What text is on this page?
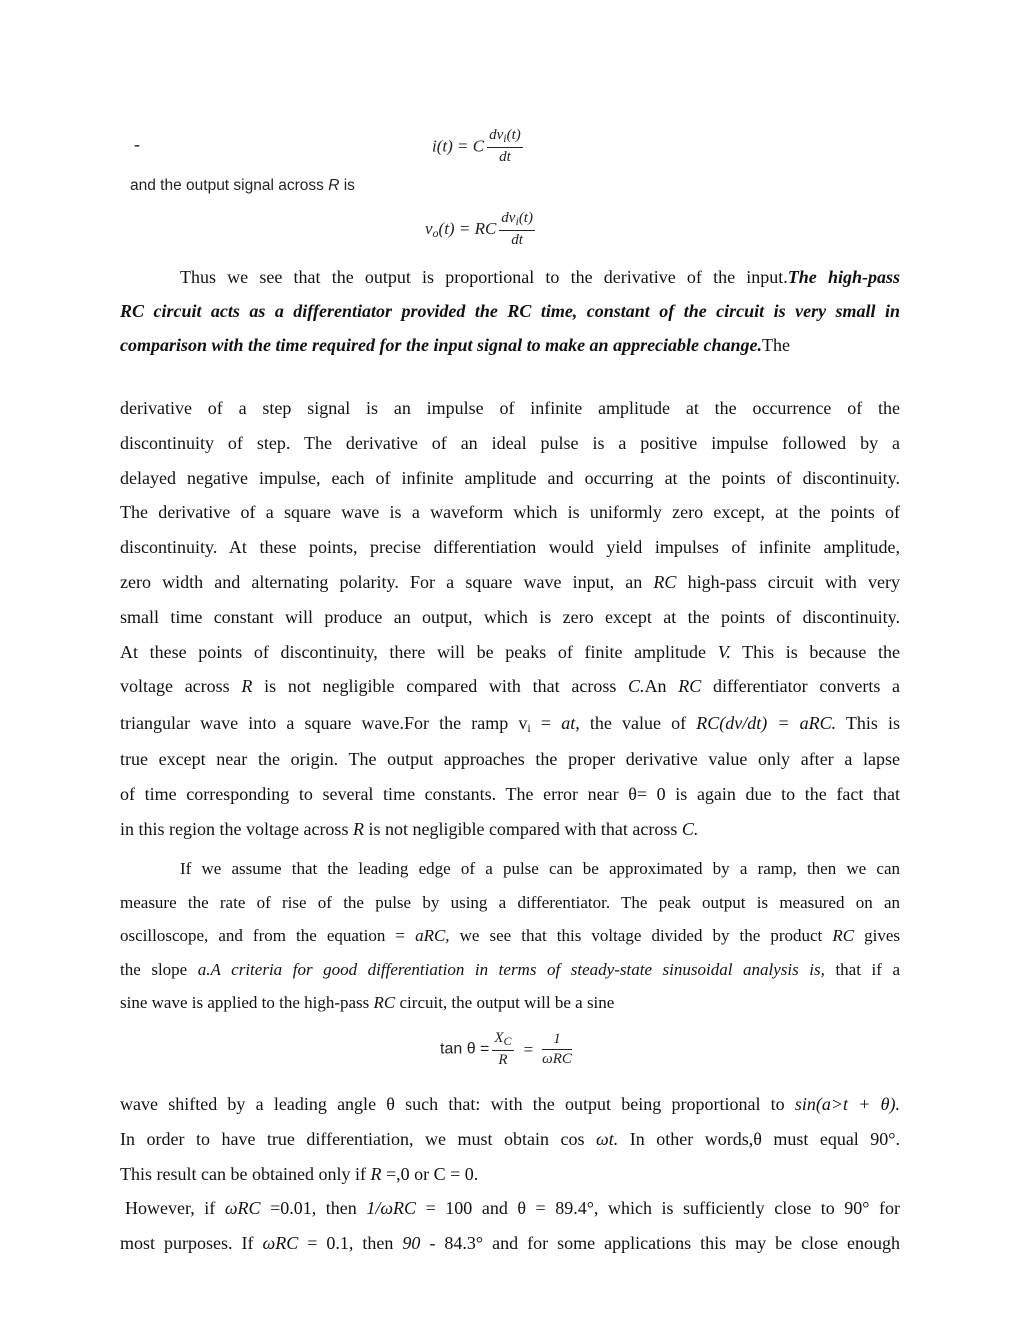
-	i(t) = C $\frac{dv_i(t)}{dt}$
and the output signal across R is
$v_o(t)$ = RC $\frac{dv_i(t)}{dt}$
Thus we see that the output is proportional to the derivative of the input.The high-pass
RC circuit acts as a differentiator provided the RC time, constant of the circuit is very small in
comparison with the time required for the input signal to make an appreciable change.The
derivative of a step signal is an impulse of infinite amplitude at the occurrence of the
discontinuity of step. The derivative of an ideal pulse is a positive impulse followed by a
delayed negative impulse, each of infinite amplitude and occurring at the points of discontinuity.
The derivative of a square wave is a waveform which is uniformly zero except, at the points of
discontinuity. At these points, precise differentiation would yield impulses of infinite amplitude,
zero width and alternating polarity. For a square wave input, an RC high-pass circuit with very
small time constant will produce an output, which is zero except at the points of discontinuity.
At these points of discontinuity, there will be peaks of finite amplitude V. This is because the
voltage across R is not negligible compared with that across C.An RC differentiator converts a
triangular wave into a square wave.For the ramp $v_i$ = at, the value of RC(dv/dt) = aRC. This is
true except near the origin. The output approaches the proper derivative value only after a lapse
of time corresponding to several time constants. The error near θ= 0 is again due to the fact that
in this region the voltage across R is not negligible compared with that across C.
If we assume that the leading edge of a pulse can be approximated by a ramp, then we can
measure the rate of rise of the pulse by using a differentiator. The peak output is measured on an
oscilloscope, and from the equation = aRC, we see that this voltage divided by the product RC gives
the slope a.A criteria for good differentiation in terms of steady-state sinusoidal analysis is, that if a
sine wave is applied to the high-pass RC circuit, the output will be a sine
$\tan \theta = \frac{X_C}{R} = \frac{1}{\text{ωRC}}$
wave shifted by a leading angle θ such that: with the output being proportional to sin(a>t + θ).
In order to have true differentiation, we must obtain cos ωt. In other words,θ must equal 90°.
This result can be obtained only if R =,0 or C = 0.
However, if ωRC =0.01, then 1/ωRC = 100 and θ = 89.4°, which is sufficiently close to 90° for
most purposes. If ωRC = 0.1, then 90 - 84.3° and for some applications this may be close enough
